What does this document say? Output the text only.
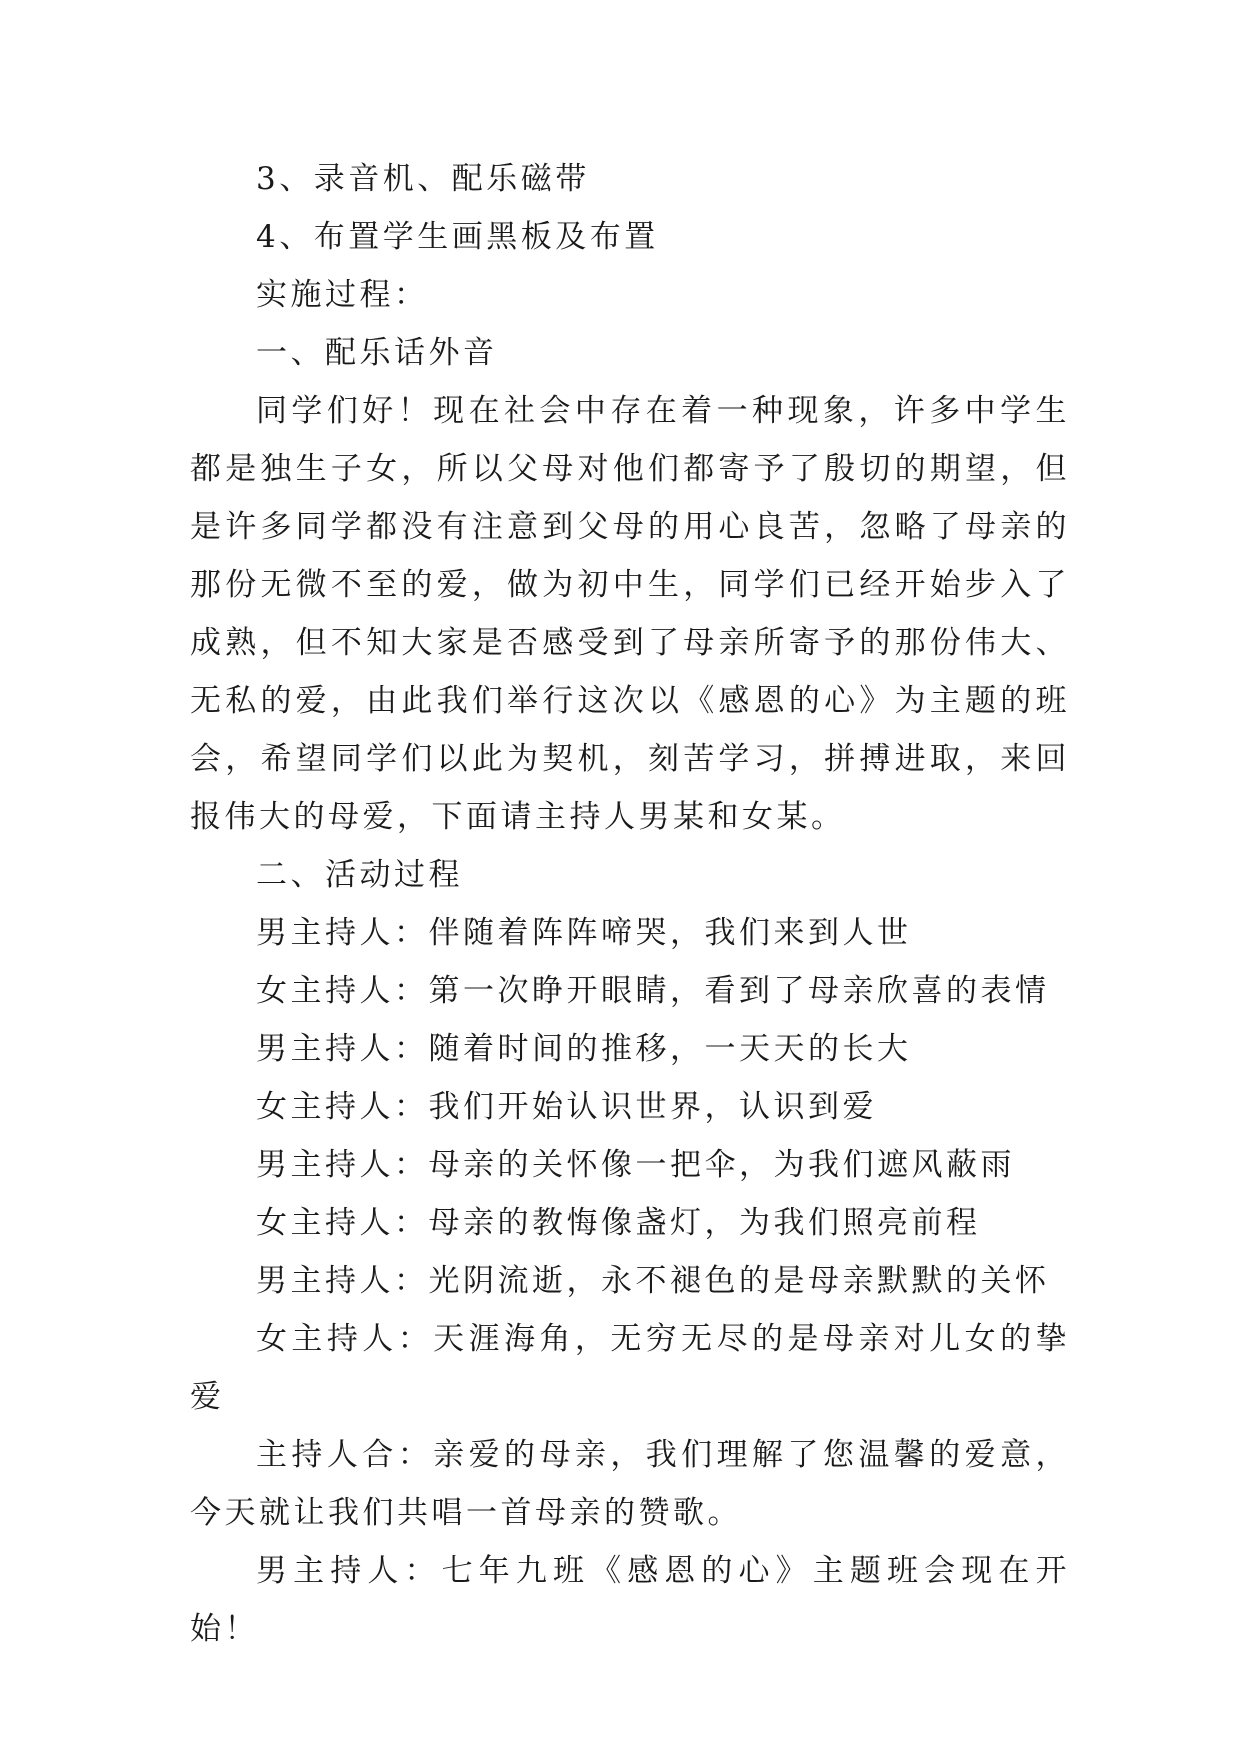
3、录音机、配乐磁带

4、布置学生画黑板及布置

实施过程：

一、配乐话外音

同学们好！现在社会中存在着一种现象，许多中学生都是独生子女，所以父母对他们都寄予了殷切的期望，但是许多同学都没有注意到父母的用心良苦，忽略了母亲的那份无微不至的爱，做为初中生，同学们已经开始步入了成熟，但不知大家是否感受到了母亲所寄予的那份伟大、无私的爱，由此我们举行这次以《感恩的心》为主题的班会，希望同学们以此为契机，刻苦学习，拼搏进取，来回报伟大的母爱，下面请主持人男某和女某。

二、活动过程

男主持人：伴随着阵阵啼哭，我们来到人世

女主持人：第一次睁开眼睛，看到了母亲欣喜的表情

男主持人：随着时间的推移，一天天的长大

女主持人：我们开始认识世界，认识到爱

男主持人：母亲的关怀像一把伞，为我们遮风蔽雨

女主持人：母亲的教悔像盏灯，为我们照亮前程

男主持人：光阴流逝，永不褪色的是母亲默默的关怀

女主持人：天涯海角，无穷无尽的是母亲对儿女的挚爱

主持人合：亲爱的母亲，我们理解了您温馨的爱意，今天就让我们共唱一首母亲的赞歌。

男主持人：七年九班《感恩的心》主题班会现在开始！
